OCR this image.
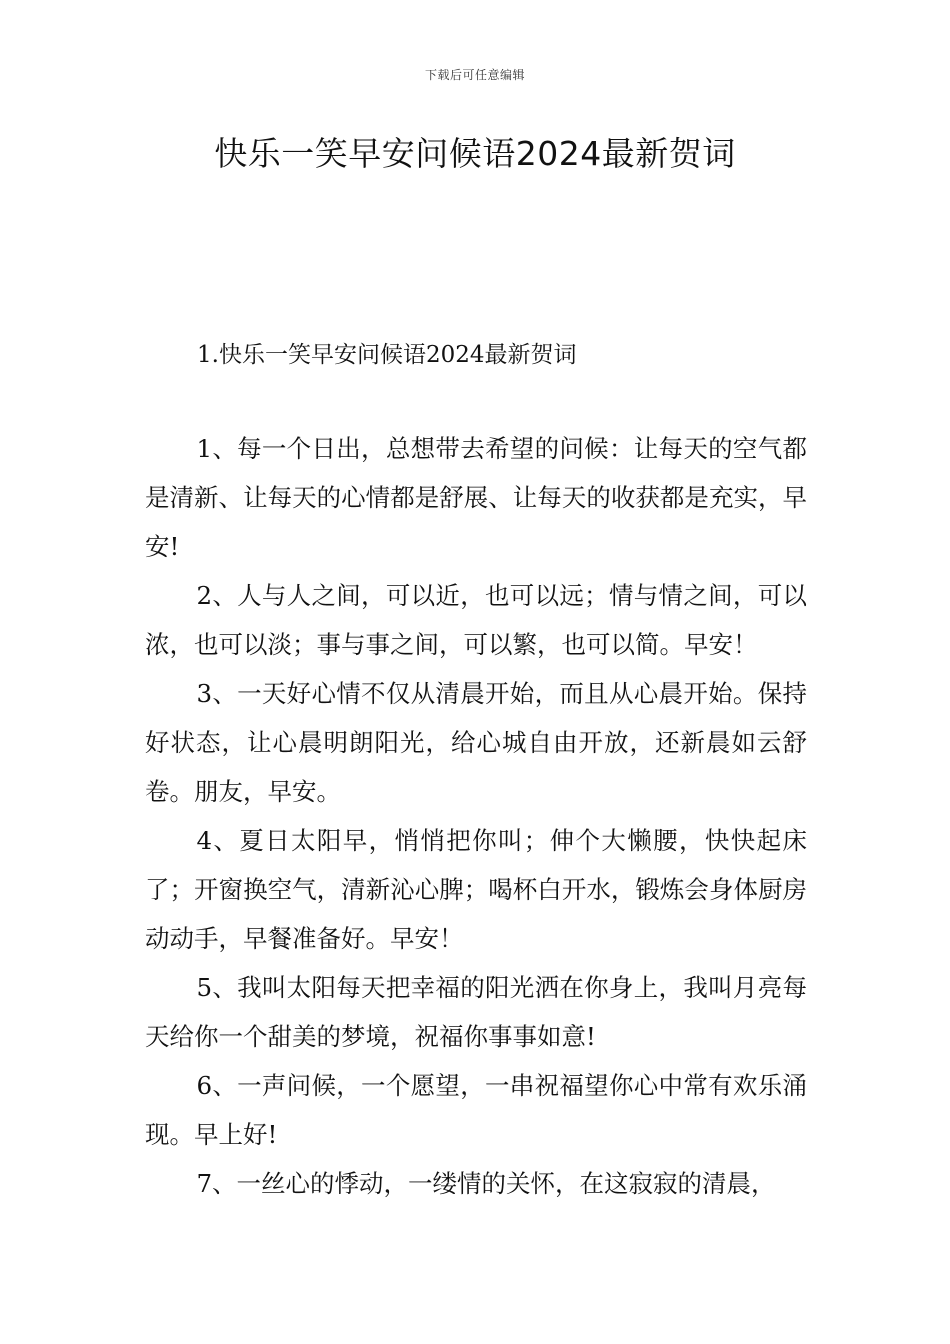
下载后可任意编辑
快乐一笑早安问候语2024最新贺词
1.快乐一笑早安问候语2024最新贺词

1、每一个日出，总想带去希望的问候：让每天的空气都是清新、让每天的心情都是舒展、让每天的收获都是充实，早安!

2、人与人之间，可以近，也可以远；情与情之间，可以浓，也可以淡；事与事之间，可以繁，也可以简。早安！

3、一天好心情不仅从清晨开始，而且从心晨开始。保持好状态，让心晨明朗阳光，给心城自由开放，还新晨如云舒卷。朋友，早安。

4、夏日太阳早，悄悄把你叫；伸个大懒腰，快快起床了；开窗换空气，清新沁心脾；喝杯白开水，锻炼会身体厨房动动手，早餐准备好。早安！

5、我叫太阳每天把幸福的阳光洒在你身上，我叫月亮每天给你一个甜美的梦境，祝福你事事如意!

6、一声问候，一个愿望，一串祝福望你心中常有欢乐涌现。早上好!

7、一丝心的悸动，一缕情的关怀，在这寂寂的清晨，
